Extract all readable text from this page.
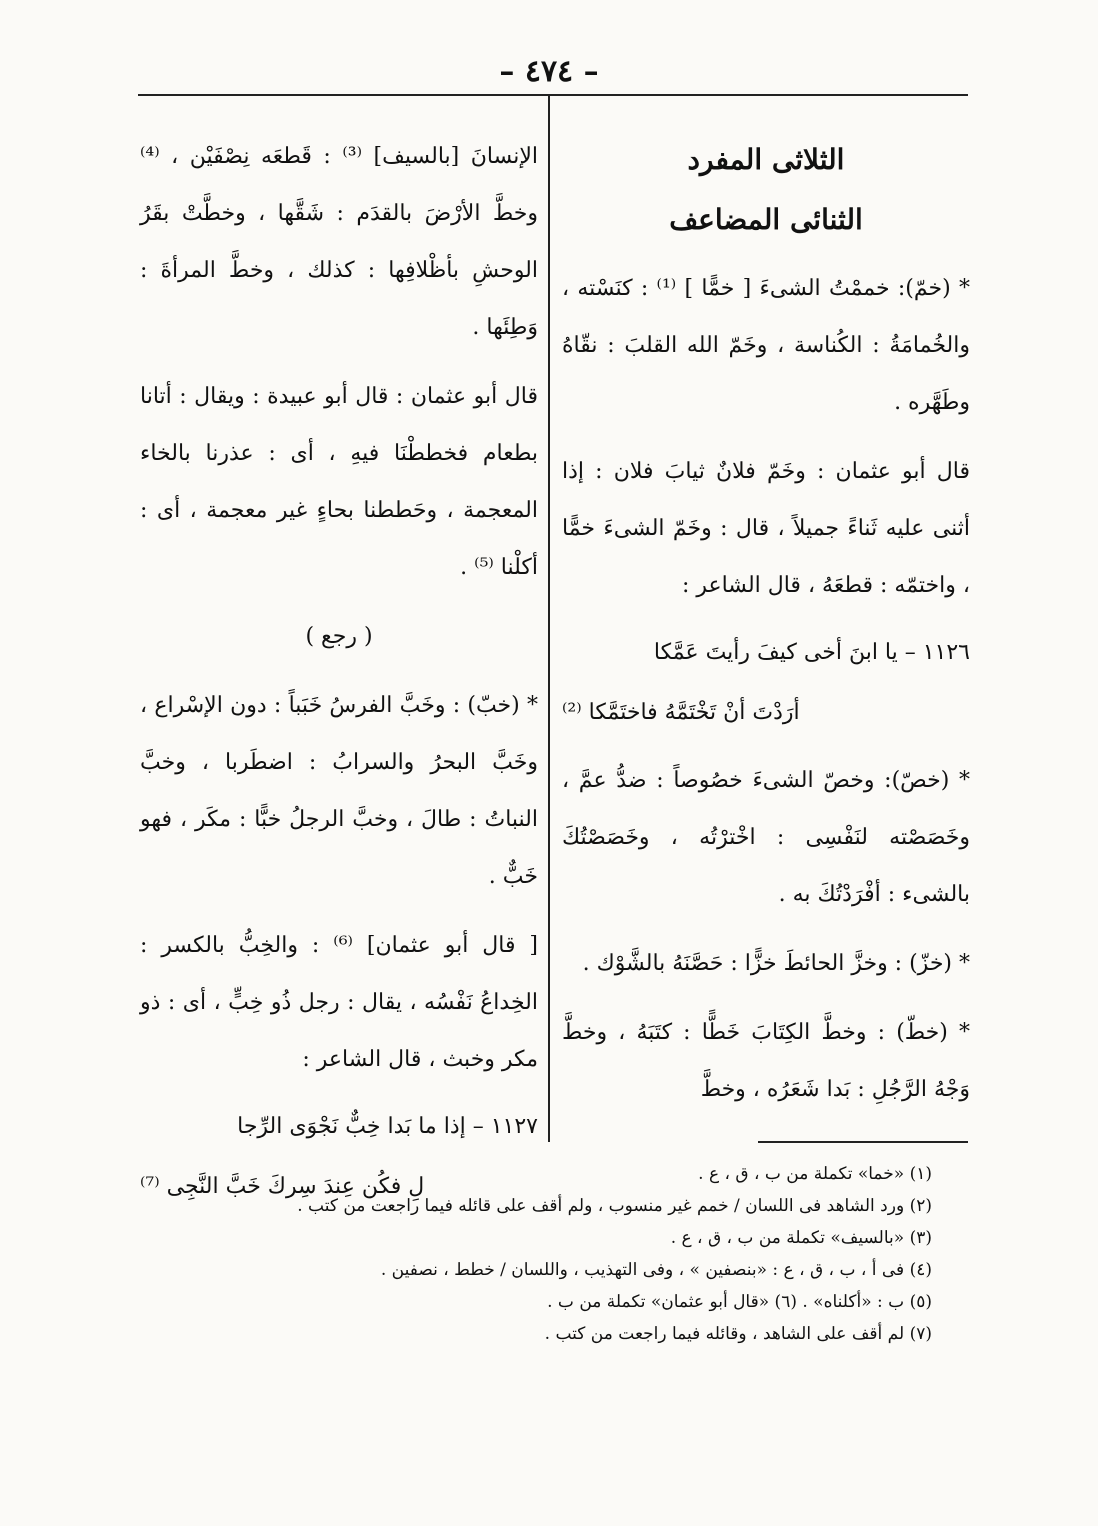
– ٤٧٤ –
الثلاثى المفرد
الثنائى المضاعف

* (خمّ): خممْتُ الشىءَ [ خمًّا ] ⁽¹⁾ : كنَسْته ، والخُمامَةُ : الكُناسة ، وخَمّ الله القلبَ : نقّاهُ وطَهَّره .

قال أبو عثمان : وخَمّ فلانٌ ثيابَ فلان : إذا أثنى عليه ثَناءً جميلاً ، قال : وخَمّ الشىءَ خمًّا ، واختمّه : قطعَهُ ، قال الشاعر :

١١٢٦ – يا ابنَ أخى كيفَ رأيتَ عَمَّكا
أرَدْتَ أنْ تَخْتَمَّهُ فاختَمَّكا ⁽²⁾

* (خصّ): وخصّ الشىءَ خصُوصاً : ضدُّ عمَّ ، وخَصَصْته لنَفْسِى : اخْترْتُه ، وخَصَصْتُكَ بالشىء : أفْرَدْتُكَ به .

* (خزّ) : وخزَّ الحائطَ خزًّا : حَصَّنَهُ بالشَّوْك .

* (خطّ) : وخطَّ الكِتَابَ خَطًّا : كتَبَهُ ، وخطَّ وَجْهُ الرَّجُلِ : بَدا شَعَرُه ، وخطَّ

الإنسانَ [بالسيف] ⁽³⁾ : قَطعَه نِصْفَيْن ، ⁽⁴⁾ وخطَّ الأرْضَ بالقدَم : شَقَّها ، وخطَّتْ بقَرُ الوحشِ بأظْلافِها : كذلك ، وخطَّ المرأةَ : وَطِئَها .

قال أبو عثمان : قال أبو عبيدة : ويقال : أتانا بطعام فخططْنَا فيهِ ، أى : عذرنا بالخاء المعجمة ، وحَططنا بحاءٍ غير معجمة ، أى : أكلْنا ⁽⁵⁾ .

( رجع )

* (خبّ) : وخَبَّ الفرسُ خَبَباً : دون الإسْراع ، وخَبَّ البحرُ والسرابُ : اضطَربا ، وخبَّ النباتُ : طالَ ، وخبَّ الرجلُ خبًّا : مكَر ، فهو خَبٌّ .

[ قال أبو عثمان] ⁽⁶⁾ : والخِبُّ بالكسر : الخِداعُ نَفْسُه ، يقال : رجل ذُو خِبٍّ ، أى : ذو مكر وخبث ، قال الشاعر :

١١٢٧ – إذا ما بَدا خِبٌّ نَجْوَى الرِّجا
لِ فكُن عِندَ سِركَ خَبَّ النَّجِى ⁽⁷⁾	(١) «خما» تكملة من ب ، ق ، ع .

(٢) ورد الشاهد فى اللسان / خمم غير منسوب ، ولم أقف على قائله فيما راجعت من كتب .

(٣) «بالسيف» تكملة من ب ، ق ، ع .

(٤) فى أ ، ب ، ق ، ع : «بنصفين » ، وفى التهذيب ، واللسان / خطط ، نصفين .

(٥) ب : «أكلناه» . (٦) «قال أبو عثمان» تكملة من ب .

(٧) لم أقف على الشاهد ، وقائله فيما راجعت من كتب .
